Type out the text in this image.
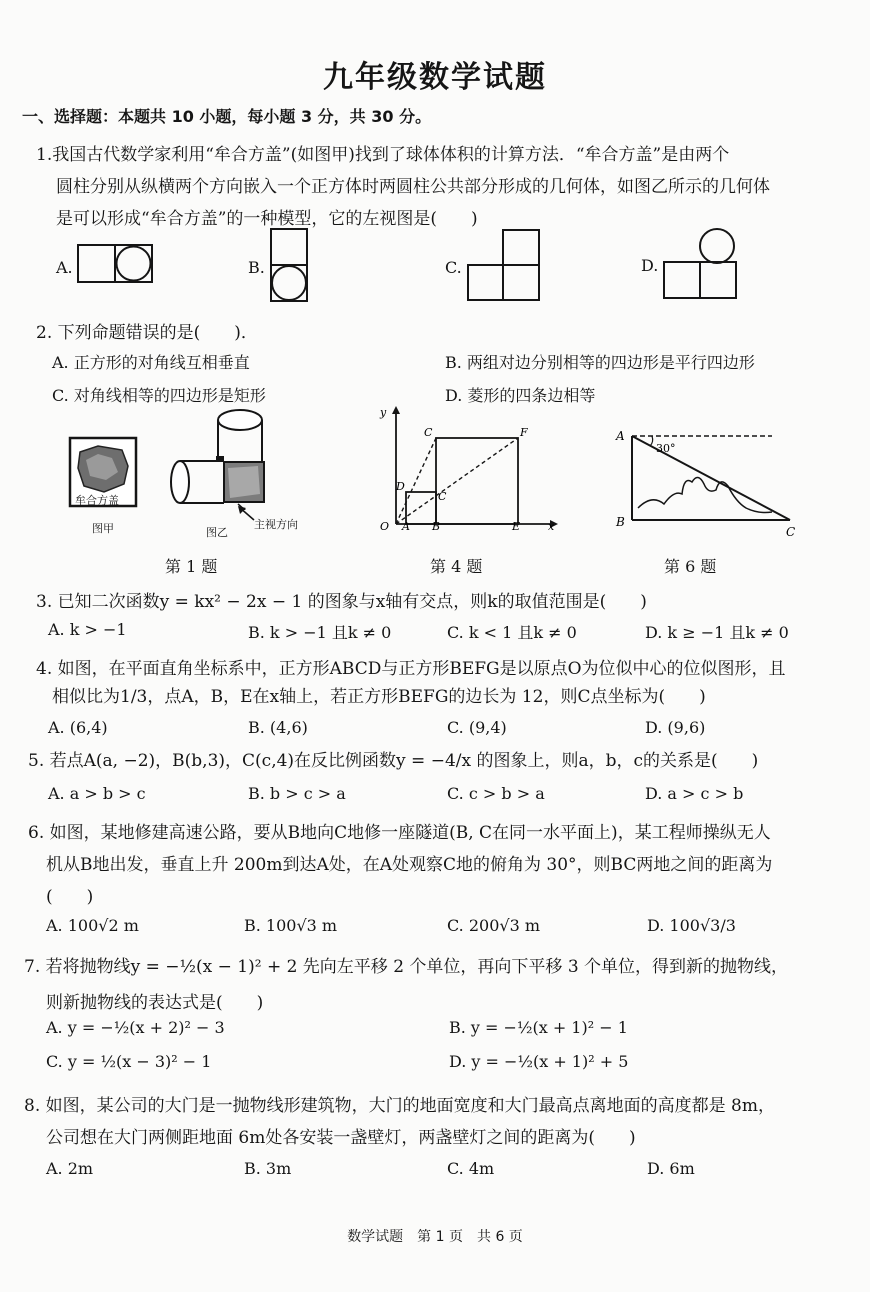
九年级数学试题
一、选择题：本题共 10 小题，每小题 3 分，共 30 分。
1.我国古代数学家利用“牟合方盖”(如图甲)找到了球体体积的计算方法．“牟合方盖”是由两个
圆柱分别从纵横两个方向嵌入一个正方体时两圆柱公共部分形成的几何体，如图乙所示的几何体
是可以形成“牟合方盖”的一种模型，它的左视图是(　　)
A.	B.	C.	D.
2. 下列命题错误的是(　　)．
A. 正方形的对角线互相垂直	B. 两组对边分别相等的四边形是平行四边形
C. 对角线相等的四边形是矩形	D. 菱形的四条边相等
牟合方盖
图甲	主视方向
图乙
第 1 题
y
x
O A B	E
C	F
D
C
第 4 题
A
B
C
30°
第 6 题
3. 已知二次函数y = kx² − 2x − 1 的图象与x轴有交点，则k的取值范围是(　　)
A. k > −1	B. k > −1 且k ≠ 0	C. k < 1 且k ≠ 0	D. k ≥ −1 且k ≠ 0
4. 如图，在平面直角坐标系中，正方形ABCD与正方形BEFG是以原点O为位似中心的位似图形，且
相似比为1/3，点A，B，E在x轴上，若正方形BEFG的边长为 12，则C点坐标为(　　)
A. (6,4)	B. (4,6)	C. (9,4)	D. (9,6)
5. 若点A(a, −2)，B(b,3)，C(c,4)在反比例函数y = −4/x 的图象上，则a，b，c的关系是(　　)
A. a > b > c	B. b > c > a	C. c > b > a	D. a > c > b
6. 如图，某地修建高速公路，要从B地向C地修一座隧道(B, C在同一水平面上)，某工程师操纵无人
机从B地出发，垂直上升 200m到达A处，在A处观察C地的俯角为 30°，则BC两地之间的距离为
(　　)
A. 100√2 m	B. 100√3 m	C. 200√3 m	D. 100√3/3
7. 若将抛物线y = −½(x − 1)² + 2 先向左平移 2 个单位，再向下平移 3 个单位，得到新的抛物线，
则新抛物线的表达式是(　　)
A. y = −½(x + 2)² − 3	B. y = −½(x + 1)² − 1
C. y = ½(x − 3)² − 1	D. y = −½(x + 1)² + 5
8. 如图，某公司的大门是一抛物线形建筑物，大门的地面宽度和大门最高点离地面的高度都是 8m，
公司想在大门两侧距地面 6m处各安装一盏壁灯，两盏壁灯之间的距离为(　　)
A. 2m	B. 3m	C. 4m	D. 6m
数学试题　第 1 页　共 6 页
